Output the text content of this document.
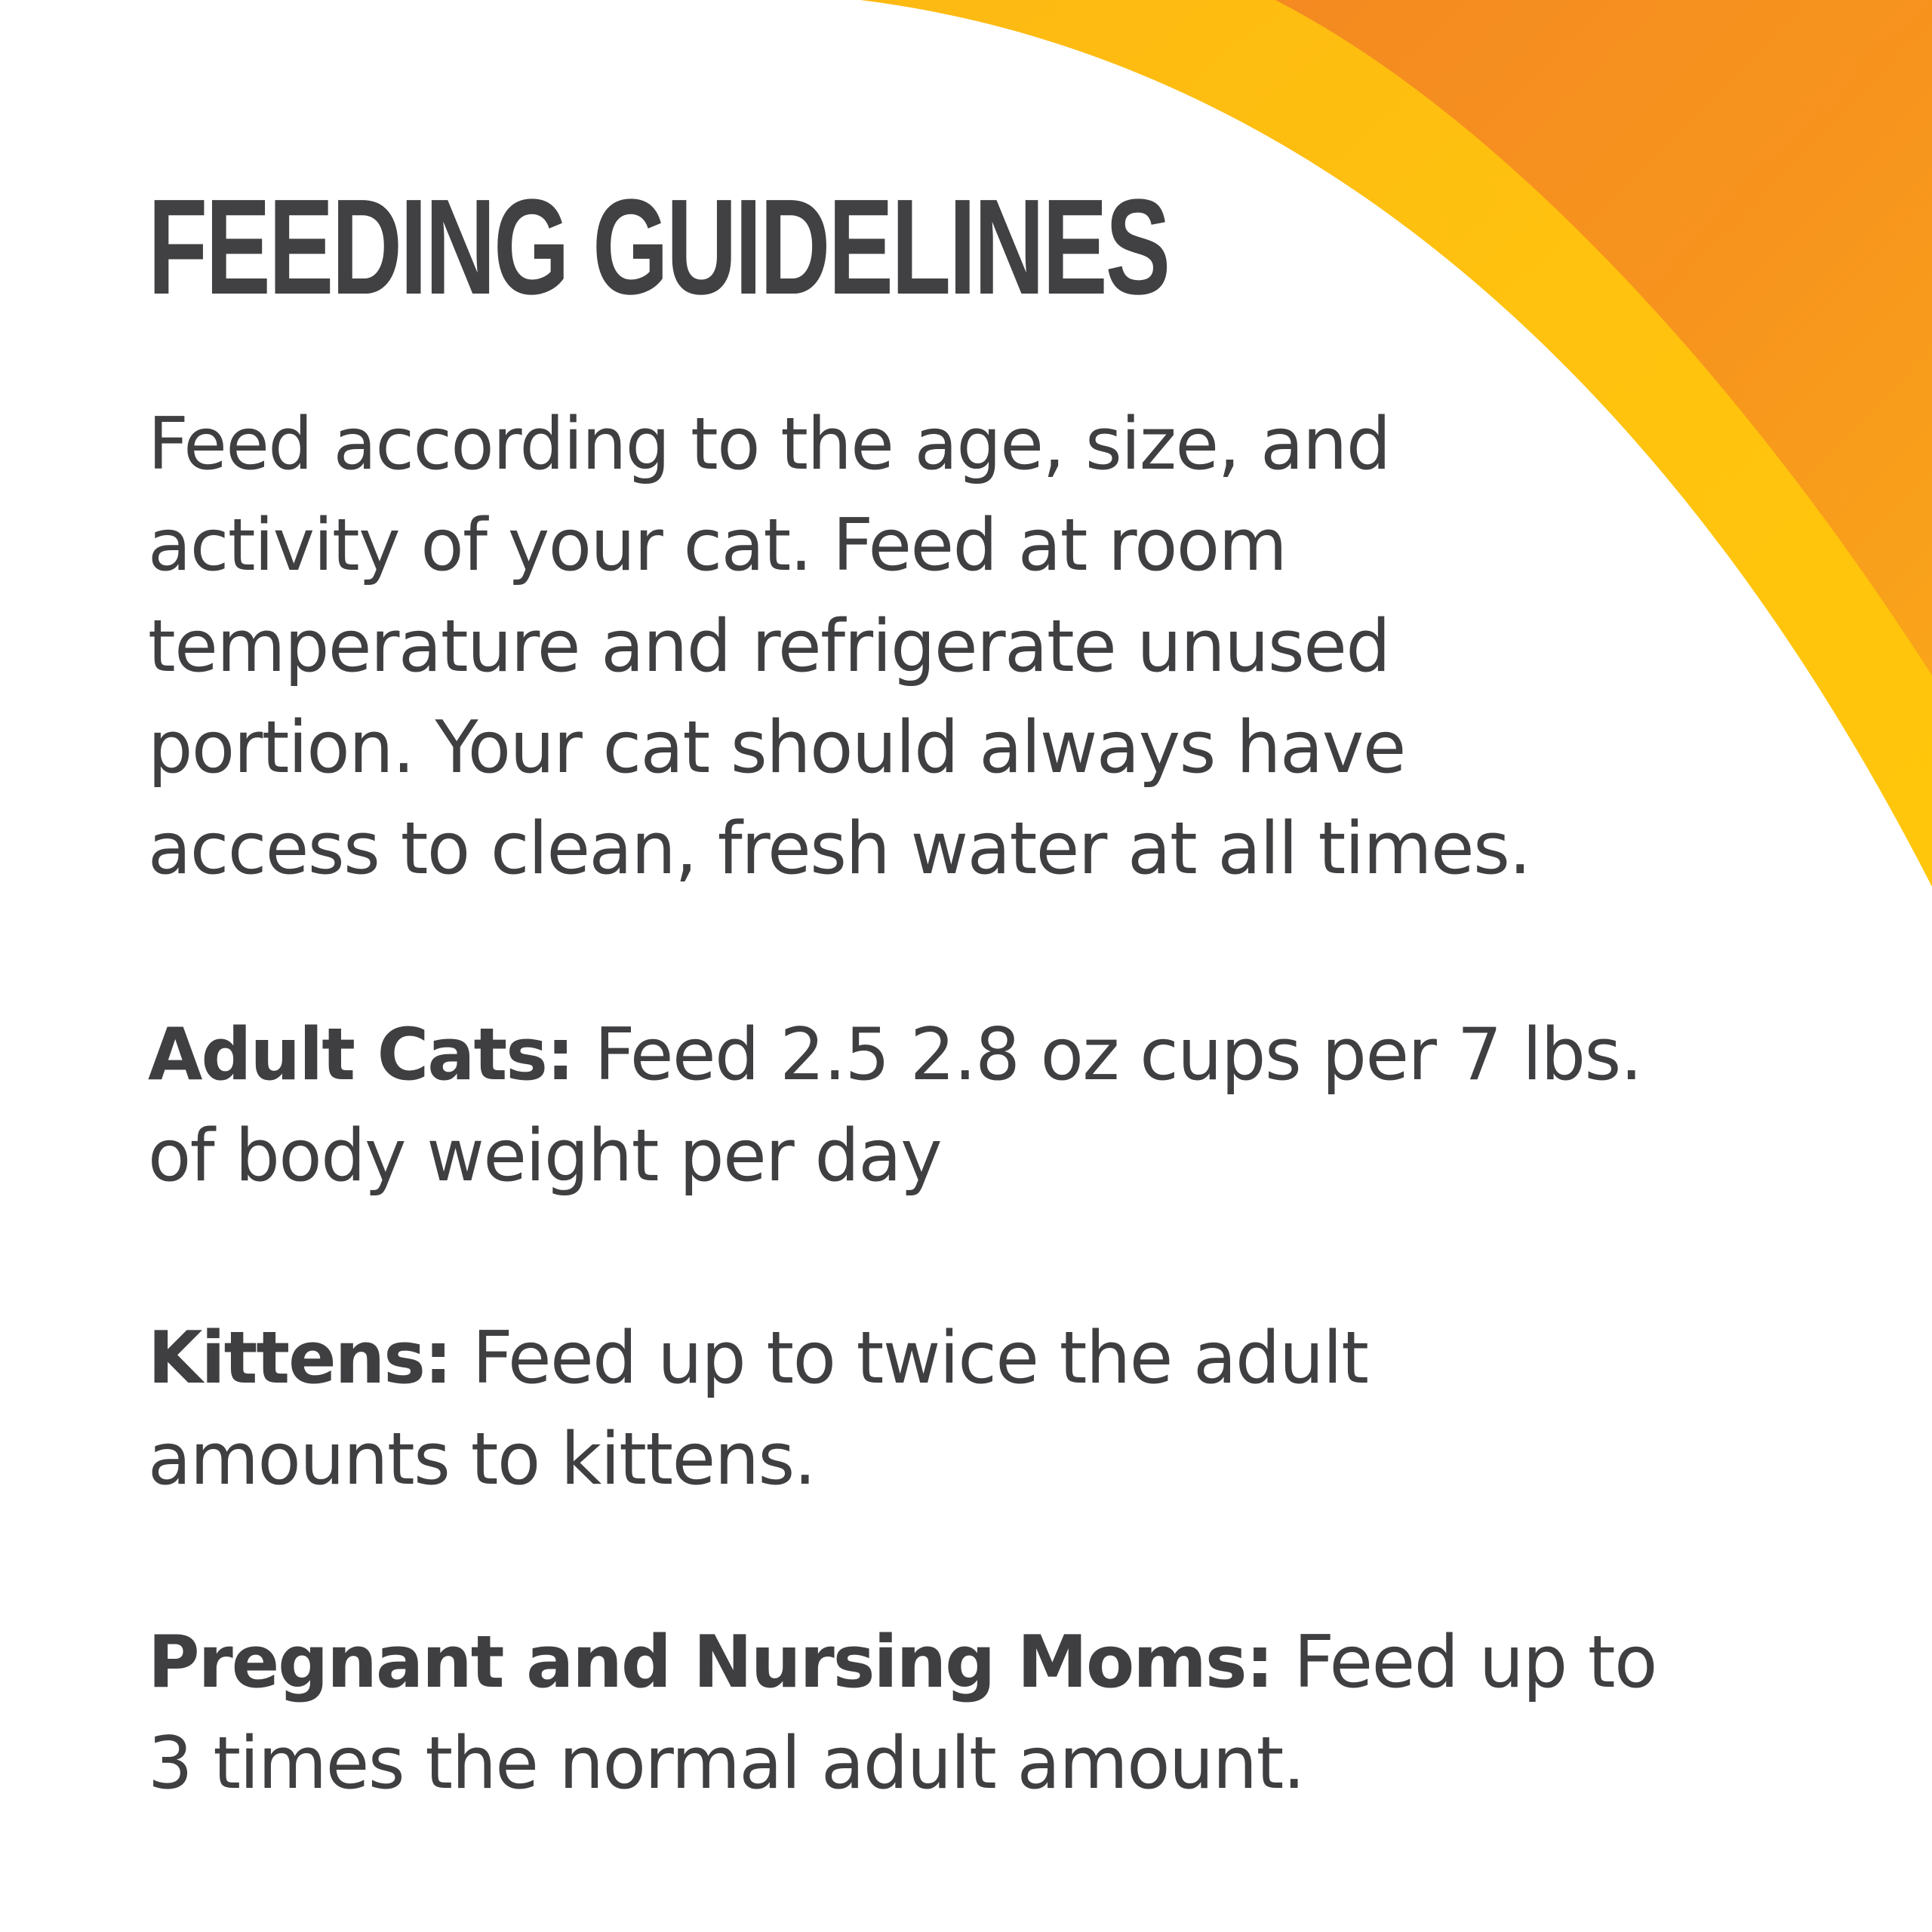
FEEDING GUIDELINES

Feed according to the age, size, and
activity of your cat. Feed at room
temperature and refrigerate unused
portion. Your cat should always have
access to clean, fresh water at all times.

Adult Cats: Feed 2.5 2.8 oz cups per 7 lbs.
of body weight per day

Kittens: Feed up to twice the adult
amounts to kittens.

Pregnant and Nursing Moms: Feed up to
3 times the normal adult amount.
